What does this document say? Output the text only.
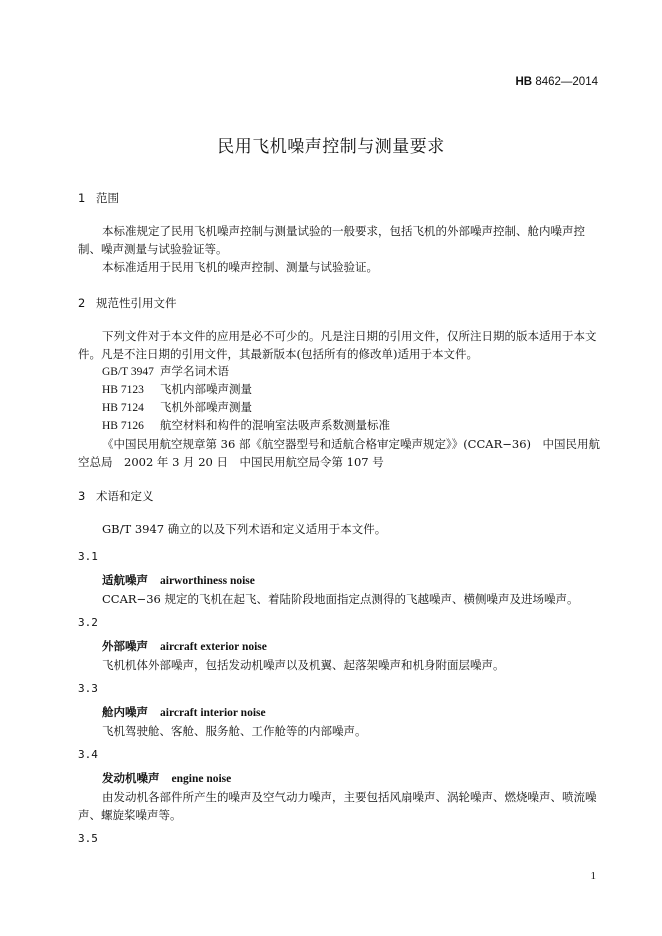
HB 8462—2014
民用飞机噪声控制与测量要求
1 范围
本标准规定了民用飞机噪声控制与测量试验的一般要求，包括飞机的外部噪声控制、舱内噪声控制、噪声测量与试验验证等。
本标准适用于民用飞机的噪声控制、测量与试验验证。
2 规范性引用文件
下列文件对于本文件的应用是必不可少的。凡是注日期的引用文件，仅所注日期的版本适用于本文件。凡是不注日期的引用文件，其最新版本(包括所有的修改单)适用于本文件。
GB/T 3947 声学名词术语
HB 7123 飞机内部噪声测量
HB 7124 飞机外部噪声测量
HB 7126 航空材料和构件的混响室法吸声系数测量标准
《中国民用航空规章第 36 部《航空器型号和适航合格审定噪声规定》》(CCAR−36)　中国民用航空总局　2002 年 3 月 20 日　中国民用航空局令第 107 号
3 术语和定义
GB/T 3947 确立的以及下列术语和定义适用于本文件。
3.1
适航噪声 airworthiness noise
CCAR−36 规定的飞机在起飞、着陆阶段地面指定点测得的飞越噪声、横侧噪声及进场噪声。
3.2
外部噪声 aircraft exterior noise
飞机机体外部噪声，包括发动机噪声以及机翼、起落架噪声和机身附面层噪声。
3.3
舱内噪声 aircraft interior noise
飞机驾驶舱、客舱、服务舱、工作舱等的内部噪声。
3.4
发动机噪声 engine noise
由发动机各部件所产生的噪声及空气动力噪声，主要包括风扇噪声、涡轮噪声、燃烧噪声、喷流噪声、螺旋桨噪声等。
3.5
1
